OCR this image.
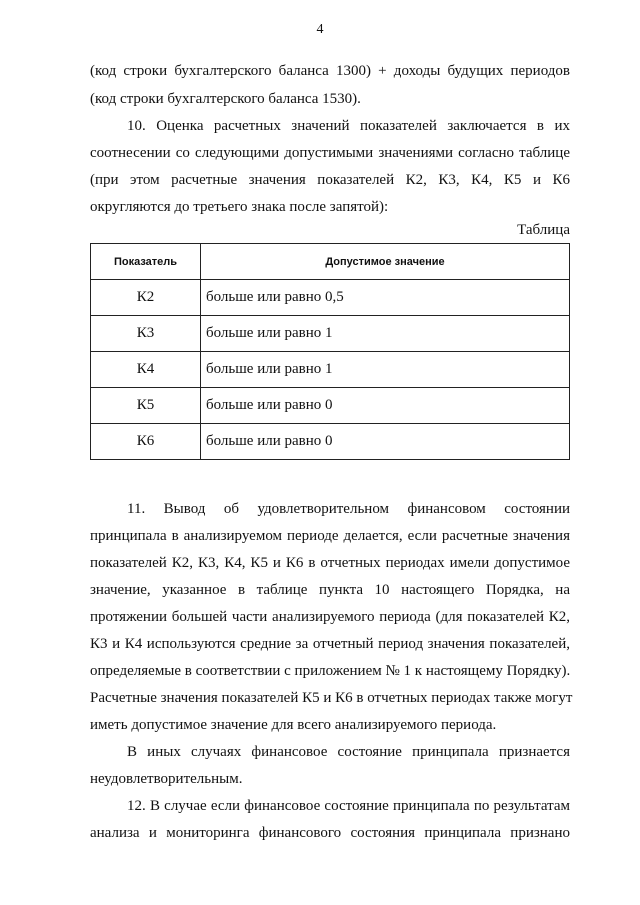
4
(код строки бухгалтерского баланса 1300) + доходы будущих периодов
(код строки бухгалтерского баланса 1530).
10. Оценка расчетных значений показателей заключается в их
соотнесении со следующими допустимыми значениями согласно таблице
(при этом расчетные значения показателей К2, К3, К4, К5 и К6
округляются до третьего знака после запятой):
Таблица
Показатель	Допустимое значение
К2	больше или равно 0,5
К3	больше или равно 1
К4	больше или равно 1
К5	больше или равно 0
К6	больше или равно 0
11. Вывод об удовлетворительном финансовом состоянии
принципала в анализируемом периоде делается, если расчетные значения
показателей К2, К3, К4, К5 и К6 в отчетных периодах имели допустимое
значение, указанное в таблице пункта 10 настоящего Порядка, на
протяжении большей части анализируемого периода (для показателей К2,
К3 и К4 используются средние за отчетный период значения показателей,
определяемые в соответствии с приложением № 1 к настоящему Порядку).
Расчетные значения показателей К5 и К6 в отчетных периодах также могут
иметь допустимое значение для всего анализируемого периода.
В иных случаях финансовое состояние принципала признается
неудовлетворительным.
12. В случае если финансовое состояние принципала по результатам
анализа и мониторинга финансового состояния принципала признано
